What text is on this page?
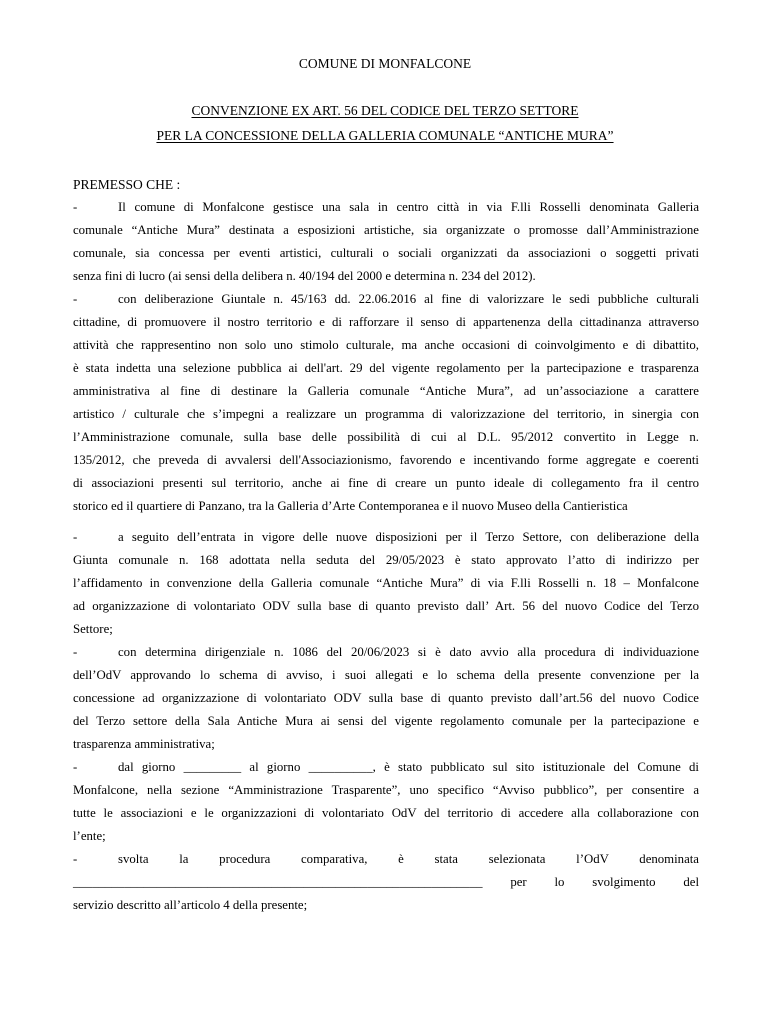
COMUNE DI MONFALCONE
CONVENZIONE EX ART. 56 DEL CODICE DEL TERZO SETTORE
PER LA CONCESSIONE DELLA GALLERIA COMUNALE “ANTICHE MURA”
PREMESSO CHE :
-	Il comune di Monfalcone gestisce una sala in centro città in via F.lli Rosselli denominata Galleria
comunale “Antiche Mura” destinata a esposizioni artistiche, sia organizzate o promosse dall’Amministrazione
comunale, sia concessa per eventi artistici, culturali o sociali organizzati da associazioni o soggetti privati
senza fini di lucro (ai sensi della delibera n. 40/194 del 2000 e determina n. 234 del 2012).
-	con deliberazione Giuntale n. 45/163 dd. 22.06.2016 al fine di valorizzare le sedi pubbliche culturali
cittadine, di promuovere il nostro territorio e di rafforzare il senso di appartenenza della cittadinanza attraverso
attività che rappresentino non solo uno stimolo culturale, ma anche occasioni di coinvolgimento e di dibattito,
è stata indetta una selezione pubblica ai dell'art. 29 del vigente regolamento per la partecipazione e trasparenza
amministrativa al fine di destinare la Galleria comunale “Antiche Mura”, ad un’associazione a carattere
artistico / culturale che s’impegni a realizzare un programma di valorizzazione del territorio, in sinergia con
l’Amministrazione comunale, sulla base delle possibilità di cui al D.L. 95/2012 convertito in Legge n.
135/2012, che preveda di avvalersi dell'Associazionismo, favorendo e incentivando forme aggregate e coerenti
di associazioni presenti sul territorio, anche ai fine di creare un punto ideale di collegamento fra il centro
storico ed il quartiere di Panzano, tra la Galleria d’Arte Contemporanea e il nuovo Museo della Cantieristica
-	a seguito dell’entrata in vigore delle nuove disposizioni per il Terzo Settore, con deliberazione della
Giunta comunale n. 168 adottata nella seduta del 29/05/2023 è stato approvato l’atto di indirizzo per
l’affidamento in convenzione della Galleria comunale “Antiche Mura” di via F.lli Rosselli n. 18 – Monfalcone
ad organizzazione di volontariato ODV sulla base di quanto previsto dall’ Art. 56 del nuovo Codice del Terzo
Settore;
-	con determina dirigenziale n. 1086 del 20/06/2023 si è dato avvio alla procedura di individuazione
dell’OdV approvando lo schema di avviso, i suoi allegati e lo schema della presente convenzione per la
concessione ad organizzazione di volontariato ODV sulla base di quanto previsto dall’art.56 del nuovo Codice
del Terzo settore della Sala Antiche Mura ai sensi del vigente regolamento comunale per la partecipazione e
trasparenza amministrativa;
-	dal giorno _________ al giorno __________, è stato pubblicato sul sito istituzionale del Comune di
Monfalcone, nella sezione “Amministrazione Trasparente”, uno specifico “Avviso pubblico”, per consentire a
tutte le associazioni e le organizzazioni di volontariato OdV del territorio di accedere alla collaborazione con
l’ente;
-	svolta la procedura comparativa, è stata selezionata l’OdV denominata
________________________________________________________________ per lo svolgimento del
servizio descritto all’articolo 4 della presente;
